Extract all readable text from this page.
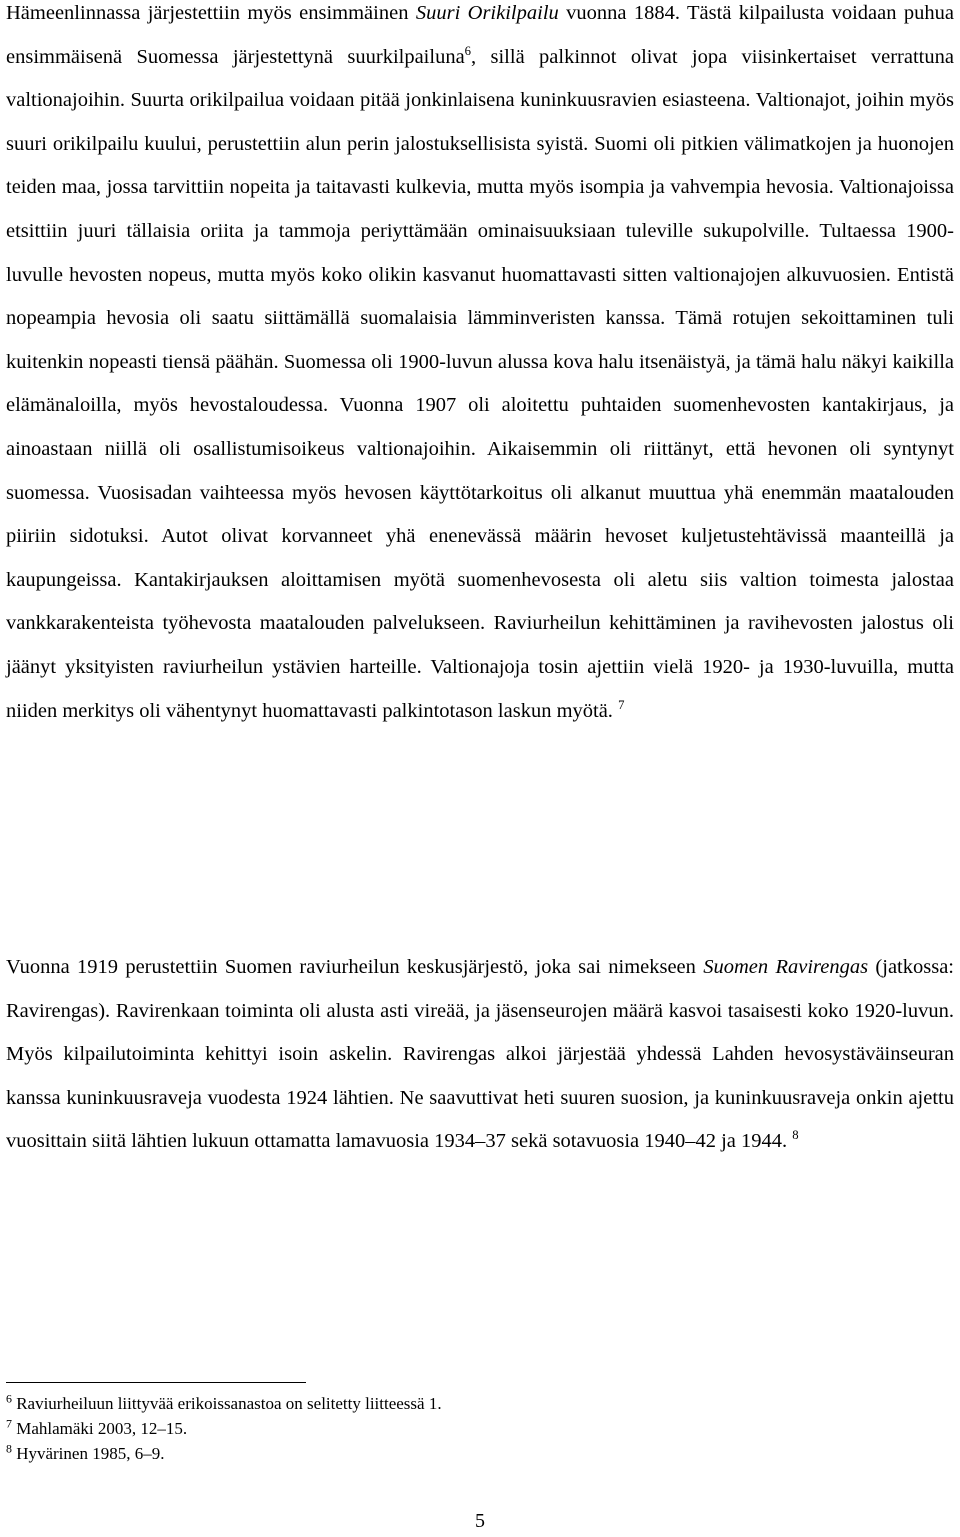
Hämeenlinnassa järjestettiin myös ensimmäinen Suuri Orikilpailu vuonna 1884. Tästä kilpailusta voidaan puhua ensimmäisenä Suomessa järjestettynä suurkilpailuna$^6$, sillä palkinnot olivat jopa viisinkertaiset verrattuna valtionajoihin. Suurta orikilpailua voidaan pitää jonkinlaisena kuninkuusravien esiasteena. Valtionajot, joihin myös suuri orikilpailu kuului, perustettiin alun perin jalostuksellisista syistä. Suomi oli pitkien välimatkojen ja huonojen teiden maa, jossa tarvittiin nopeita ja taitavasti kulkevia, mutta myös isompia ja vahvempia hevosia. Valtionajoissa etsittiin juuri tällaisia oriita ja tammoja periyttämään ominaisuuksiaan tuleville sukupolville. Tultaessa 1900-luvulle hevosten nopeus, mutta myös koko olikin kasvanut huomattavasti sitten valtionajojen alkuvuosien. Entistä nopeampia hevosia oli saatu siittämällä suomalaisia lämminveristen kanssa. Tämä rotujen sekoittaminen tuli kuitenkin nopeasti tiensä päähän. Suomessa oli 1900-luvun alussa kova halu itsenäistyä, ja tämä halu näkyi kaikilla elämänaloilla, myös hevostaloudessa. Vuonna 1907 oli aloitettu puhtaiden suomenhevosten kantakirjaus, ja ainoastaan niillä oli osallistumisoikeus valtionajoihin. Aikaisemmin oli riittänyt, että hevonen oli syntynyt suomessa. Vuosisadan vaihteessa myös hevosen käyttötarkoitus oli alkanut muuttua yhä enemmän maatalouden piiriin sidotuksi. Autot olivat korvanneet yhä enenevässä määrin hevoset kuljetustehtävissä maanteillä ja kaupungeissa. Kantakirjauksen aloittamisen myötä suomenhevosesta oli aletu siis valtion toimesta jalostaa vankkarakenteista työhevosta maatalouden palvelukseen. Raviurheilun kehittäminen ja ravihevosten jalostus oli jäänyt yksityisten raviurheilun ystävien harteille. Valtionajoja tosin ajettiin vielä 1920- ja 1930-luvuilla, mutta niiden merkitys oli vähentynyt huomattavasti palkintotason laskun myötä. $^7$

Vuonna 1919 perustettiin Suomen raviurheilun keskusjärjestö, joka sai nimekseen Suomen Ravirengas (jatkossa: Ravirengas). Ravirenkaan toiminta oli alusta asti vireää, ja jäsenseurojen määrä kasvoi tasaisesti koko 1920-luvun. Myös kilpailutoiminta kehittyi isoin askelin. Ravirengas alkoi järjestää yhdessä Lahden hevosystäväinseuran kanssa kuninkuusraveja vuodesta 1924 lähtien. Ne saavuttivat heti suuren suosion, ja kuninkuusraveja onkin ajettu vuosittain siitä lähtien lukuun ottamatta lamavuosia 1934–37 sekä sotavuosia 1940–42 ja 1944. $^8$

$^6$ Raviurheiluun liittyvää erikoissanastoa on selitetty liitteessä 1.

$^7$ Mahlamäki 2003, 12–15.

$^8$ Hyvärinen 1985, 6–9.

5
